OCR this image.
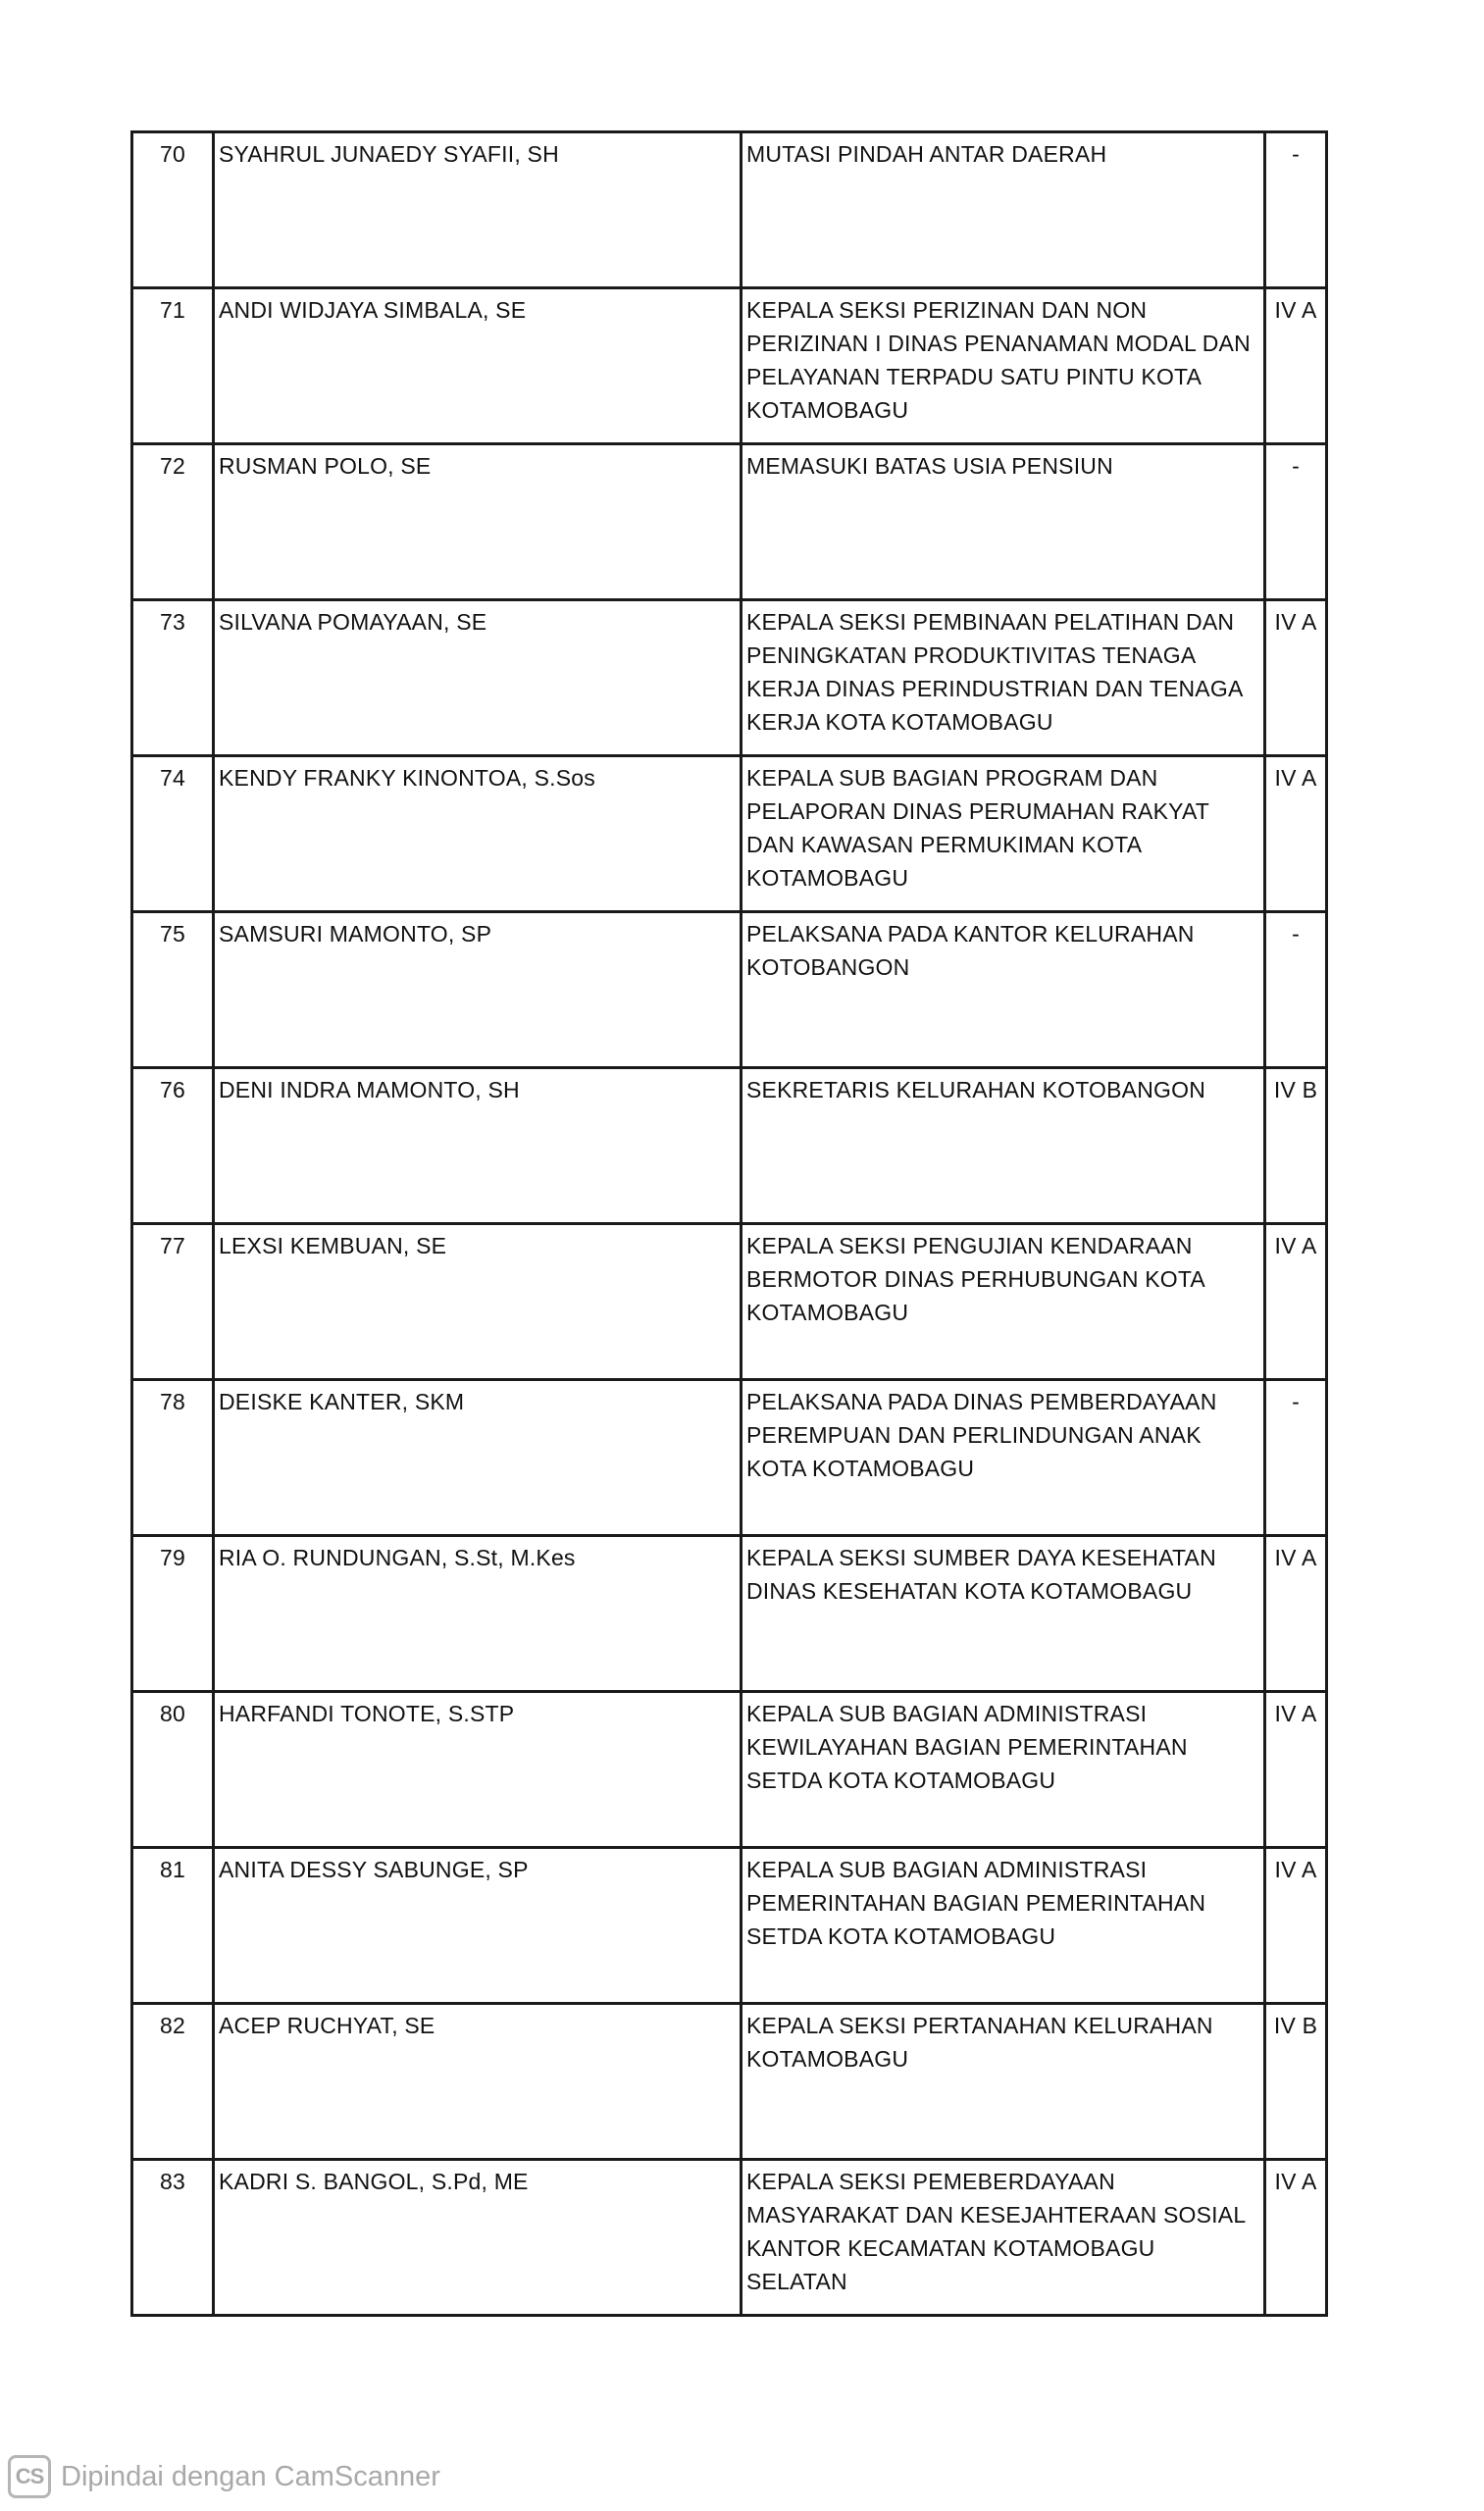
70	SYAHRUL JUNAEDY SYAFII, SH	MUTASI PINDAH ANTAR DAERAH	-
71	ANDI WIDJAYA SIMBALA, SE	KEPALA SEKSI PERIZINAN DAN NON PERIZINAN I DINAS PENANAMAN MODAL DAN PELAYANAN TERPADU SATU PINTU KOTA KOTAMOBAGU	IV A
72	RUSMAN POLO, SE	MEMASUKI BATAS USIA PENSIUN	-
73	SILVANA POMAYAAN, SE	KEPALA SEKSI PEMBINAAN PELATIHAN DAN PENINGKATAN PRODUKTIVITAS TENAGA KERJA DINAS PERINDUSTRIAN DAN TENAGA KERJA KOTA KOTAMOBAGU	IV A
74	KENDY FRANKY KINONTOA, S.Sos	KEPALA SUB BAGIAN PROGRAM DAN PELAPORAN DINAS PERUMAHAN RAKYAT DAN KAWASAN PERMUKIMAN KOTA KOTAMOBAGU	IV A
75	SAMSURI MAMONTO, SP	PELAKSANA PADA KANTOR KELURAHAN KOTOBANGON	-
76	DENI INDRA MAMONTO, SH	SEKRETARIS KELURAHAN KOTOBANGON	IV B
77	LEXSI KEMBUAN, SE	KEPALA SEKSI PENGUJIAN KENDARAAN BERMOTOR DINAS PERHUBUNGAN KOTA KOTAMOBAGU	IV A
78	DEISKE KANTER, SKM	PELAKSANA PADA DINAS PEMBERDAYAAN PEREMPUAN DAN PERLINDUNGAN ANAK KOTA KOTAMOBAGU	-
79	RIA O. RUNDUNGAN, S.St, M.Kes	KEPALA SEKSI SUMBER DAYA KESEHATAN DINAS KESEHATAN KOTA KOTAMOBAGU	IV A
80	HARFANDI TONOTE, S.STP	KEPALA SUB BAGIAN ADMINISTRASI KEWILAYAHAN BAGIAN PEMERINTAHAN SETDA KOTA KOTAMOBAGU	IV A
81	ANITA DESSY SABUNGE, SP	KEPALA SUB BAGIAN ADMINISTRASI PEMERINTAHAN BAGIAN PEMERINTAHAN SETDA KOTA KOTAMOBAGU	IV A
82	ACEP RUCHYAT, SE	KEPALA SEKSI PERTANAHAN KELURAHAN KOTAMOBAGU	IV B
83	KADRI S. BANGOL, S.Pd, ME	KEPALA SEKSI PEMEBERDAYAAN MASYARAKAT DAN KESEJAHTERAAN SOSIAL KANTOR KECAMATAN KOTAMOBAGU SELATAN	IV A
CS Dipindai dengan CamScanner
